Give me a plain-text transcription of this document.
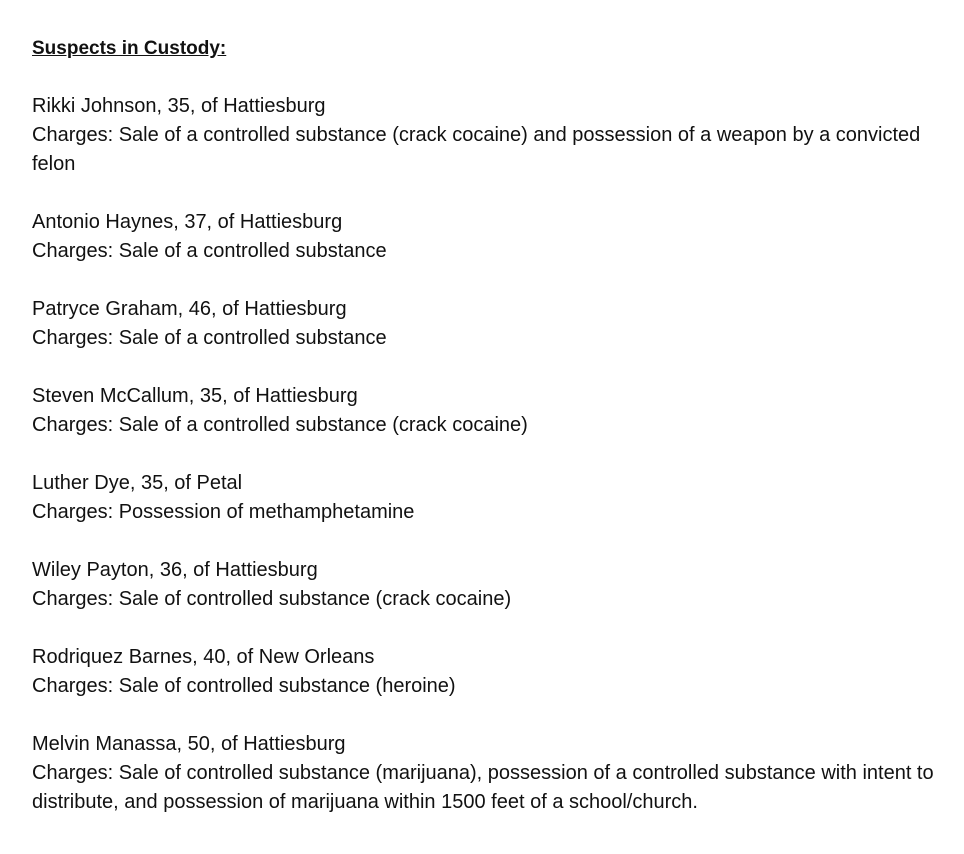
Suspects in Custody:
Rikki Johnson, 35, of Hattiesburg
Charges: Sale of a controlled substance (crack cocaine) and possession of a weapon by a convicted felon
Antonio Haynes, 37, of Hattiesburg
Charges: Sale of a controlled substance
Patryce Graham, 46, of Hattiesburg
Charges: Sale of a controlled substance
Steven McCallum, 35, of Hattiesburg
Charges: Sale of a controlled substance (crack cocaine)
Luther Dye, 35, of Petal
Charges: Possession of methamphetamine
Wiley Payton, 36, of Hattiesburg
Charges: Sale of controlled substance (crack cocaine)
Rodriquez Barnes, 40, of New Orleans
Charges: Sale of controlled substance (heroine)
Melvin Manassa, 50, of Hattiesburg
Charges: Sale of controlled substance (marijuana), possession of a controlled substance with intent to distribute, and possession of marijuana within 1500 feet of a school/church.
